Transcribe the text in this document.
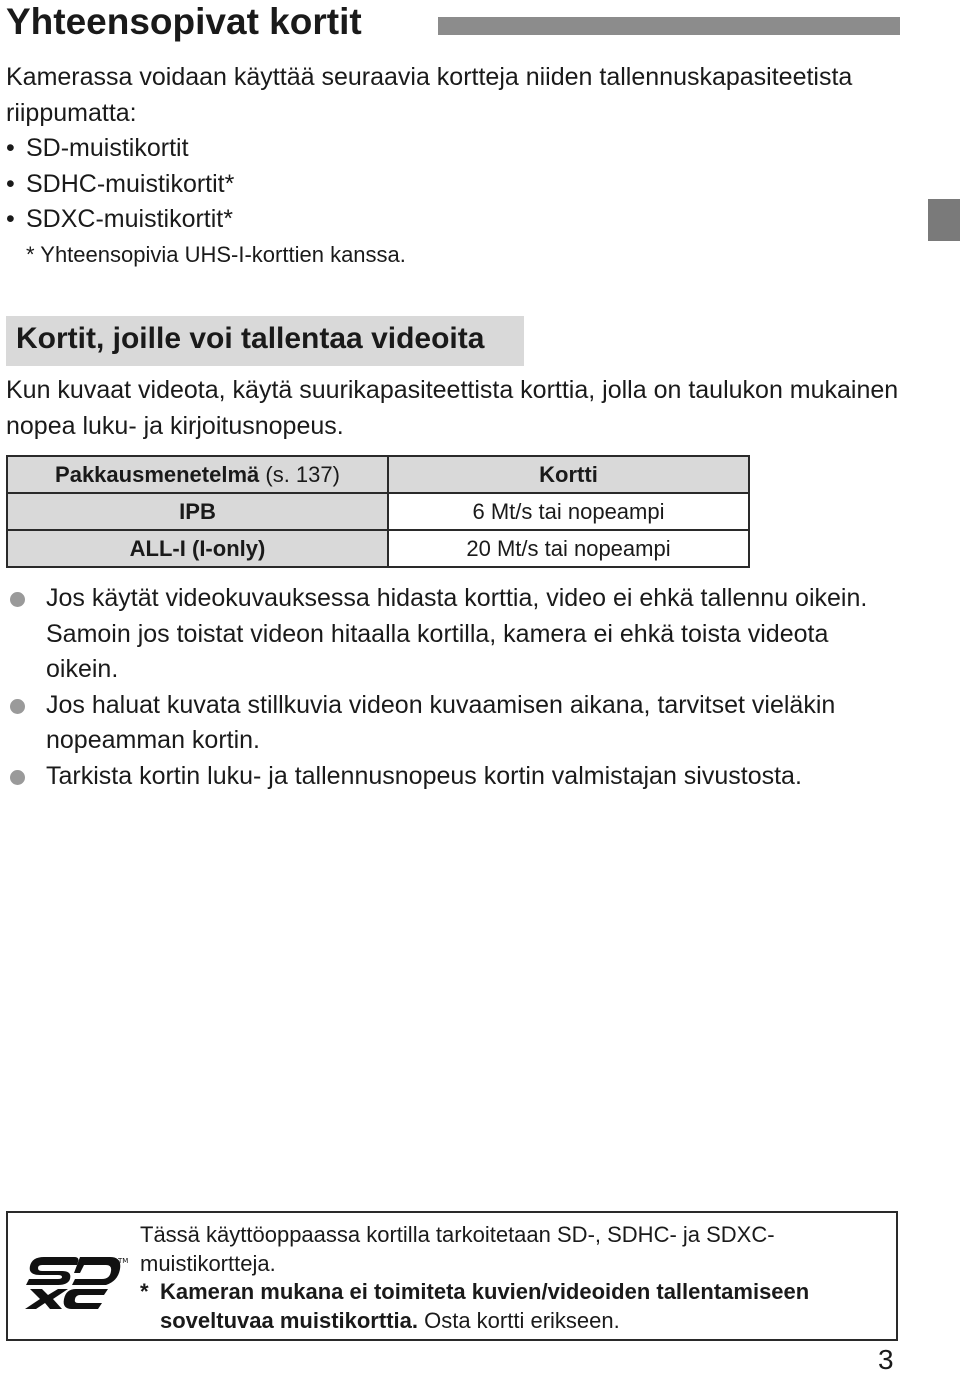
Yhteensopivat kortit

Kamerassa voidaan käyttää seuraavia kortteja niiden tallennuskapasiteetista riippumatta:

• SD-muistikortit
• SDHC-muistikortit*
• SDXC-muistikortit*
* Yhteensopivia UHS-I-korttien kanssa.
Kortit, joille voi tallentaa videoita

Kun kuvaat videota, käytä suurikapasiteettista korttia, jolla on taulukon mukainen nopea luku- ja kirjoitusnopeus.

Pakkausmenetelmä (s. 137)	Kortti
IPB	6 Mt/s tai nopeampi
ALL-I (I-only)	20 Mt/s tai nopeampi
Jos käytät videokuvauksessa hidasta korttia, video ei ehkä tallennu oikein. Samoin jos toistat videon hitaalla kortilla, kamera ei ehkä toista videota oikein.
Jos haluat kuvata stillkuvia videon kuvaamisen aikana, tarvitset vieläkin nopeamman kortin.
Tarkista kortin luku- ja tallennusnopeus kortin valmistajan sivustosta.
TM

Tässä käyttöoppaassa kortilla tarkoitetaan SD-, SDHC- ja SDXC-muistikortteja.

* Kameran mukana ei toimiteta kuvien/videoiden tallentamiseen soveltuvaa muistikorttia. Osta kortti erikseen.

3
